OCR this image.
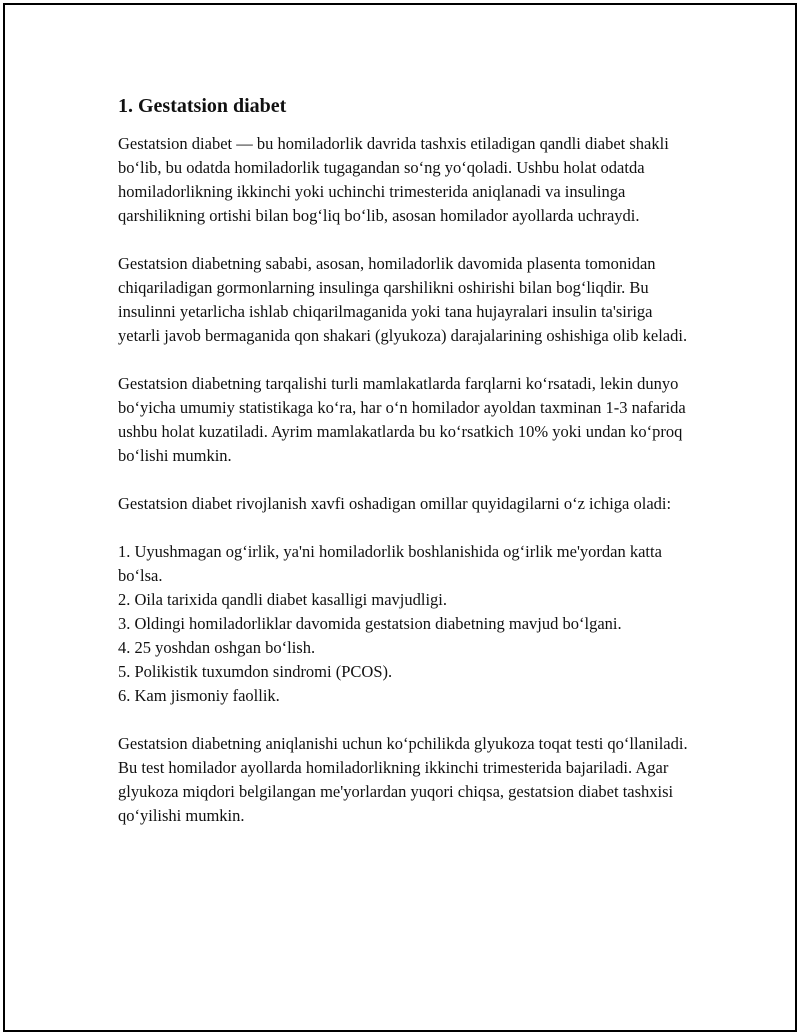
1. Gestatsion diabet

Gestatsion diabet — bu homiladorlik davrida tashxis etiladigan qandli diabet shakli bo‘lib, bu odatda homiladorlik tugagandan so‘ng yo‘qoladi. Ushbu holat odatda homiladorlikning ikkinchi yoki uchinchi trimesterida aniqlanadi va insulinga qarshilikning ortishi bilan bog‘liq bo‘lib, asosan homilador ayollarda uchraydi.

Gestatsion diabetning sababi, asosan, homiladorlik davomida plasenta tomonidan chiqariladigan gormonlarning insulinga qarshilikni oshirishi bilan bog‘liqdir. Bu insulinni yetarlicha ishlab chiqarilmaganida yoki tana hujayralari insulin ta'siriga yetarli javob bermaganida qon shakari (glyukoza) darajalarining oshishiga olib keladi.

Gestatsion diabetning tarqalishi turli mamlakatlarda farqlarni ko‘rsatadi, lekin dunyo bo‘yicha umumiy statistikaga ko‘ra, har o‘n homilador ayoldan taxminan 1-3 nafarida ushbu holat kuzatiladi. Ayrim mamlakatlarda bu ko‘rsatkich 10% yoki undan ko‘proq bo‘lishi mumkin.

Gestatsion diabet rivojlanish xavfi oshadigan omillar quyidagilarni o‘z ichiga oladi:

1. Uyushmagan og‘irlik, ya'ni homiladorlik boshlanishida og‘irlik me'yordan katta bo‘lsa.
2. Oila tarixida qandli diabet kasalligi mavjudligi.
3. Oldingi homiladorliklar davomida gestatsion diabetning mavjud bo‘lgani.
4. 25 yoshdan oshgan bo‘lish.
5. Polikistik tuxumdon sindromi (PCOS).
6. Kam jismoniy faollik.

Gestatsion diabetning aniqlanishi uchun ko‘pchilikda glyukoza toqat testi qo‘llaniladi. Bu test homilador ayollarda homiladorlikning ikkinchi trimesterida bajariladi. Agar glyukoza miqdori belgilangan me'yorlardan yuqori chiqsa, gestatsion diabet tashxisi qo‘yilishi mumkin.
